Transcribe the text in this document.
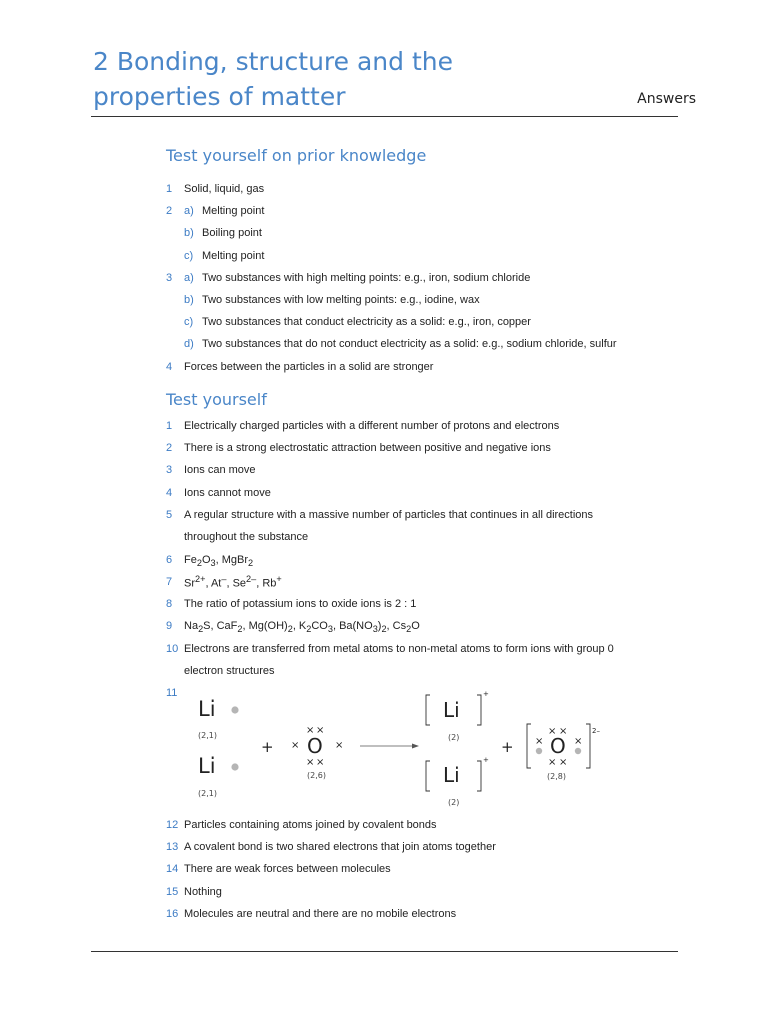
2 Bonding, structure and the
properties of matter	Answers
Test yourself on prior knowledge
1 Solid, liquid, gas
2 a) Melting point
b) Boiling point
c) Melting point
3 a) Two substances with high melting points: e.g., iron, sodium chloride
b) Two substances with low melting points: e.g., iodine, wax
c) Two substances that conduct electricity as a solid: e.g., iron, copper
d) Two substances that do not conduct electricity as a solid: e.g., sodium chloride, sulfur
4 Forces between the particles in a solid are stronger
Test yourself
1 Electrically charged particles with a different number of protons and electrons
2 There is a strong electrostatic attraction between positive and negative ions
3 Ions can move
4 Ions cannot move
5 A regular structure with a massive number of particles that continues in all directions
throughout the substance
6 $Fe_2O_3$, MgBr$_2$
7 $Sr^{2+}$, At–, $Se^{2-}$, Rb+
8 The ratio of potassium ions to oxide ions is 2 : 1
9 $Na_2S$, CaF$_2$, $Mg(OH)_2$, $K_2CO_3$, $Ba(NO_3)_2$, $Cs_2O$
10 Electrons are transferred from metal atoms to non-metal atoms to form ions with group 0
electron structures
11
Li
(2,1)
Li
(2,1)
+ O
× ×
×	×
× ×
(2,6)
Li
+
(2)
Li
+
(2)
+
2–
O
× ×
×	×
× ×
(2,8)
12 Particles containing atoms joined by covalent bonds
13 A covalent bond is two shared electrons that join atoms together
14 There are weak forces between molecules
15 Nothing
16 Molecules are neutral and there are no mobile electrons
